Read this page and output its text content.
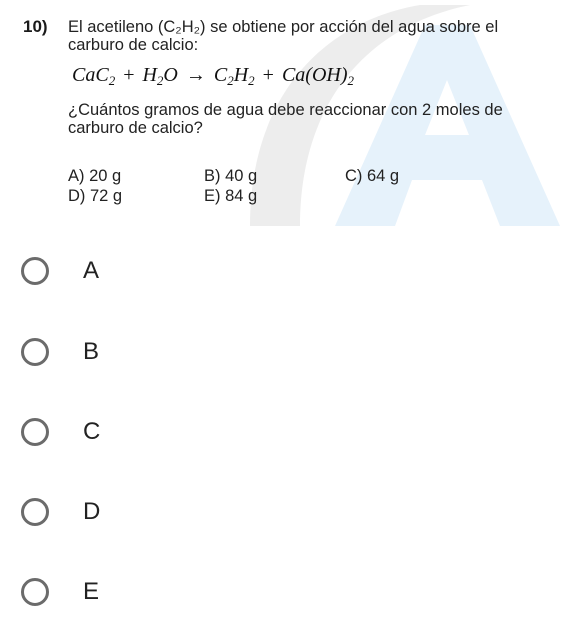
10) El acetileno (C₂H₂) se obtiene por acción del agua sobre el carburo de calcio:
$CaC_2 + H_2O \to C_2H_2 + Ca(OH)_2$
¿Cuántos gramos de agua debe reaccionar con 2 moles de carburo de calcio?
A) 20 g	B) 40 g	C) 64 g
D) 72 g	E) 84 g
A
B
C
D
E
